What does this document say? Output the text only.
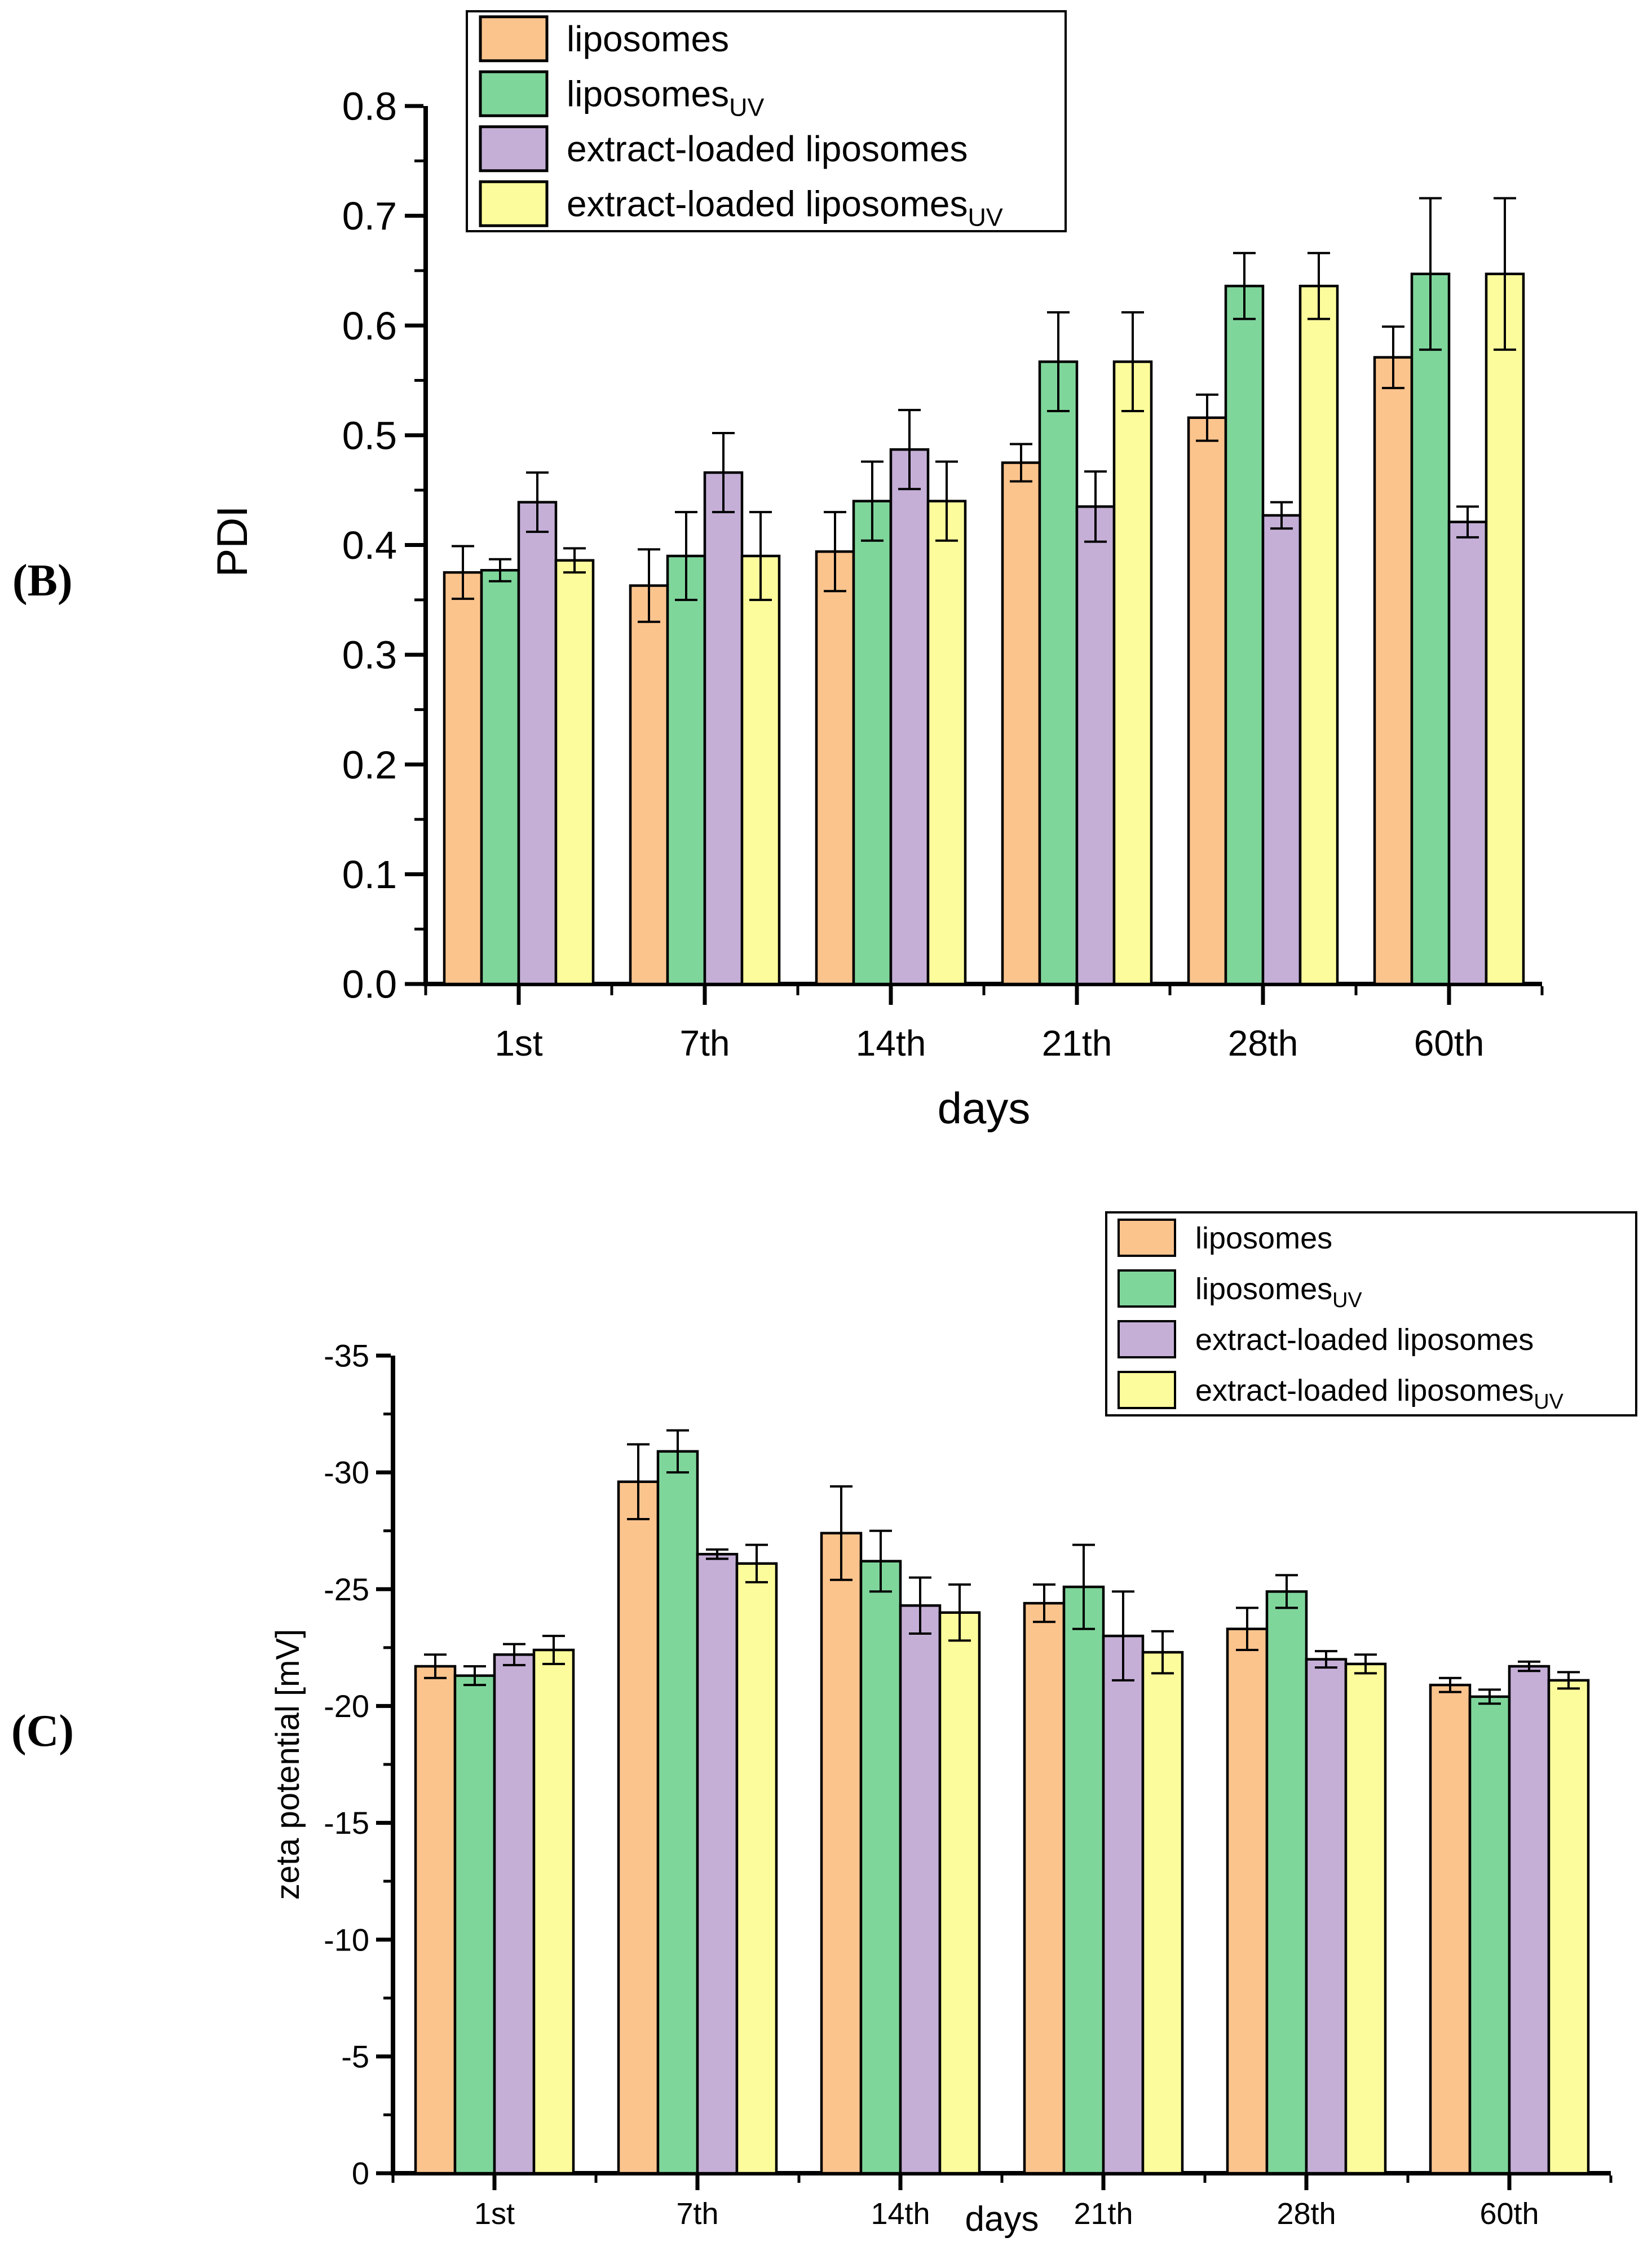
(B)
(C)
0.0
0.1
0.2
0.3
0.4
0.5
0.6
0.7
0.8
1st	7th	14th	21th	28th	60th
liposomes
liposomes$_{UV}$
extract-loaded liposomes
extract-loaded liposomes$_{UV}$
PDI
days
0
-5
-10
-15
-20
-25
-30
-35
1st	7th	14th	21th	28th	60th
liposomes
liposomes$_{UV}$
extract-loaded liposomes
extract-loaded liposomes$_{UV}$
zeta potential [mV]
days
